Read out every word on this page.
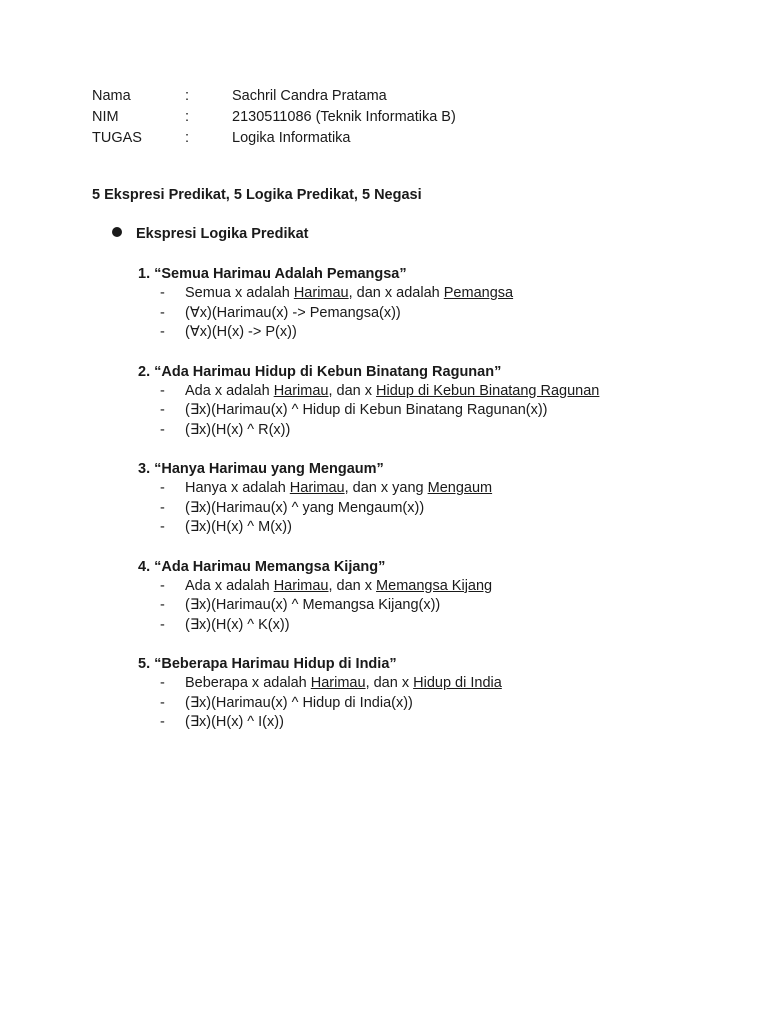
Nama	:	Sachril Candra Pratama
NIM	:	2130511086 (Teknik Informatika B)
TUGAS	:	Logika Informatika
5 Ekspresi Predikat, 5 Logika Predikat, 5 Negasi
Ekspresi Logika Predikat
1. “Semua Harimau Adalah Pemangsa”
- Semua x adalah Harimau, dan x adalah Pemangsa
- (∀x)(Harimau(x) -> Pemangsa(x))
- (∀x)(H(x) -> P(x))
2. “Ada Harimau Hidup di Kebun Binatang Ragunan”
- Ada x adalah Harimau, dan x Hidup di Kebun Binatang Ragunan
- (∃x)(Harimau(x) ^ Hidup di Kebun Binatang Ragunan(x))
- (∃x)(H(x) ^ R(x))
3. “Hanya Harimau yang Mengaum”
- Hanya x adalah Harimau, dan x yang Mengaum
- (∃x)(Harimau(x) ^ yang Mengaum(x))
- (∃x)(H(x) ^ M(x))
4. “Ada Harimau Memangsa Kijang”
- Ada x adalah Harimau, dan x Memangsa Kijang
- (∃x)(Harimau(x) ^ Memangsa Kijang(x))
- (∃x)(H(x) ^ K(x))
5. “Beberapa Harimau Hidup di India”
- Beberapa x adalah Harimau, dan x Hidup di India
- (∃x)(Harimau(x) ^ Hidup di India(x))
- (∃x)(H(x) ^ I(x))
